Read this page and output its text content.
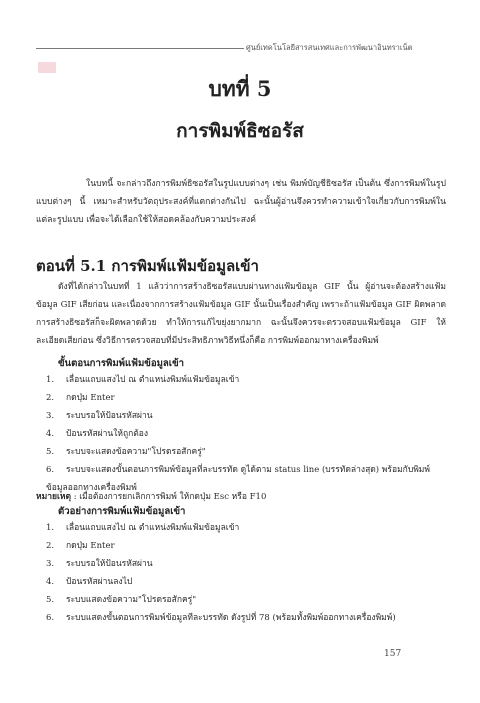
ศูนย์เทคโนโลยีสารสนเทศและการพัฒนาอินทราเน็ต
บทที่ 5
การพิมพ์ธิซอรัส

ในบทนี้ จะกล่าวถึงการพิมพ์ธิซอรัสในรูปแบบต่างๆ เช่น พิมพ์บัญชีธิซอรัส เป็นต้น ซึ่งการพิมพ์ในรูปแบบต่างๆ นี้ เหมาะสำหรับวัตถุประสงค์ที่แตกต่างกันไป ฉะนั้นผู้อ่านจึงควรทำความเข้าใจเกี่ยวกับการพิมพ์ในแต่ละรูปแบบ เพื่อจะได้เลือกใช้ให้สอดคล้องกับความประสงค์

ตอนที่ 5.1 การพิมพ์แฟ้มข้อมูลเข้า

ดังที่ได้กล่าวในบทที่ 1 แล้วว่าการสร้างธิซอรัสแบบผ่านทางแฟ้มข้อมูล GIF นั้น ผู้อ่านจะต้องสร้างแฟ้มข้อมูล GIF เสียก่อน และเนื่องจากการสร้างแฟ้มข้อมูล GIF นั้นเป็นเรื่องสำคัญ เพราะถ้าแฟ้มข้อมูล GIF ผิดพลาด การสร้างธิซอรัสก็จะผิดพลาดด้วย ทำให้การแก้ไขยุ่งยากมาก ฉะนั้นจึงควรจะตรวจสอบแฟ้มข้อมูล GIF ให้ละเอียดเสียก่อน ซึ่งวิธีการตรวจสอบที่มีประสิทธิภาพวิธีหนึ่งก็คือ การพิมพ์ออกมาทางเครื่องพิมพ์

ขั้นตอนการพิมพ์แฟ้มข้อมูลเข้า
1. เลื่อนแถบแสงไป ณ ตำแหน่งพิมพ์แฟ้มข้อมูลเข้า
2. กดปุ่ม Enter
3. ระบบรอให้ป้อนรหัสผ่าน
4. ป้อนรหัสผ่านให้ถูกต้อง
5. ระบบจะแสดงข้อความ"โปรดรอสักครู่"
6. ระบบจะแสดงขั้นตอนการพิมพ์ข้อมูลที่ละบรรทัด ดูได้ตาม status line (บรรทัดล่างสุด) พร้อมกับพิมพ์ข้อมูลออกทางเครื่องพิมพ์
หมายเหตุ : เมื่อต้องการยกเลิกการพิมพ์ ให้กดปุ่ม Esc หรือ F10
ตัวอย่างการพิมพ์แฟ้มข้อมูลเข้า
1. เลื่อนแถบแสงไป ณ ตำแหน่งพิมพ์แฟ้มข้อมูลเข้า
2. กดปุ่ม Enter
3. ระบบรอให้ป้อนรหัสผ่าน
4. ป้อนรหัสผ่านลงไป
5. ระบบแสดงข้อความ"โปรดรอสักครู่"
6. ระบบแสดงขั้นตอนการพิมพ์ข้อมูลทีละบรรทัด ดังรูปที่ 78 (พร้อมทั้งพิมพ์ออกทางเครื่องพิมพ์)
157
